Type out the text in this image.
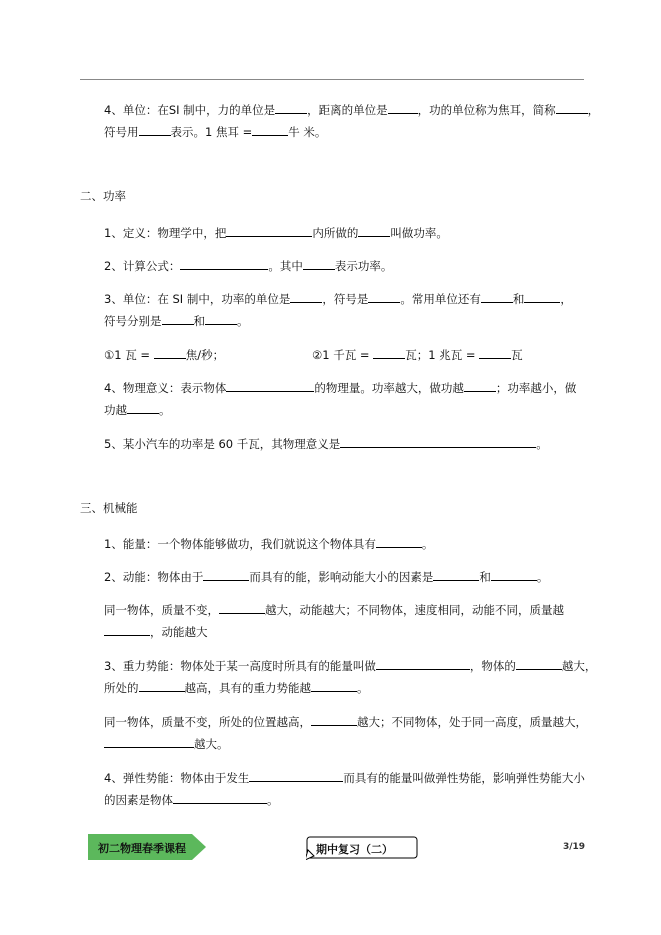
4、单位：在SI 制中，力的单位是	，距离的单位是	，功的单位称为焦耳，简称	，
符号用	表示。1 焦耳 =	牛 米。
二、功率
1、定义：物理学中，把	内所做的	叫做功率。
2、计算公式：	。其中	表示功率。
3、单位：在 SI 制中，功率的单位是	，符号是	。常用单位还有	和	，
符号分别是	和	。
①1 瓦 =	焦/秒；	②1 千瓦 =	瓦；1 兆瓦 =	瓦
4、物理意义：表示物体	的物理量。功率越大，做功越	；功率越小，做
功越	。
5、某小汽车的功率是 60 千瓦，其物理意义是	。
三、机械能
1、能量：一个物体能够做功，我们就说这个物体具有	。
2、动能：物体由于	而具有的能，影响动能大小的因素是	和	。
同一物体，质量不变，	越大，动能越大；不同物体，速度相同，动能不同，质量越
，动能越大
3、重力势能：物体处于某一高度时所具有的能量叫做	，物体的	越大，
所处的	越高，具有的重力势能越	。
同一物体，质量不变，所处的位置越高，	越大；不同物体，处于同一高度，质量越大，
越大。
4、弹性势能：物体由于发生	而具有的能量叫做弹性势能，影响弹性势能大小
的因素是物体	。
初二物理春季课程	期中复习（二）	3/19
